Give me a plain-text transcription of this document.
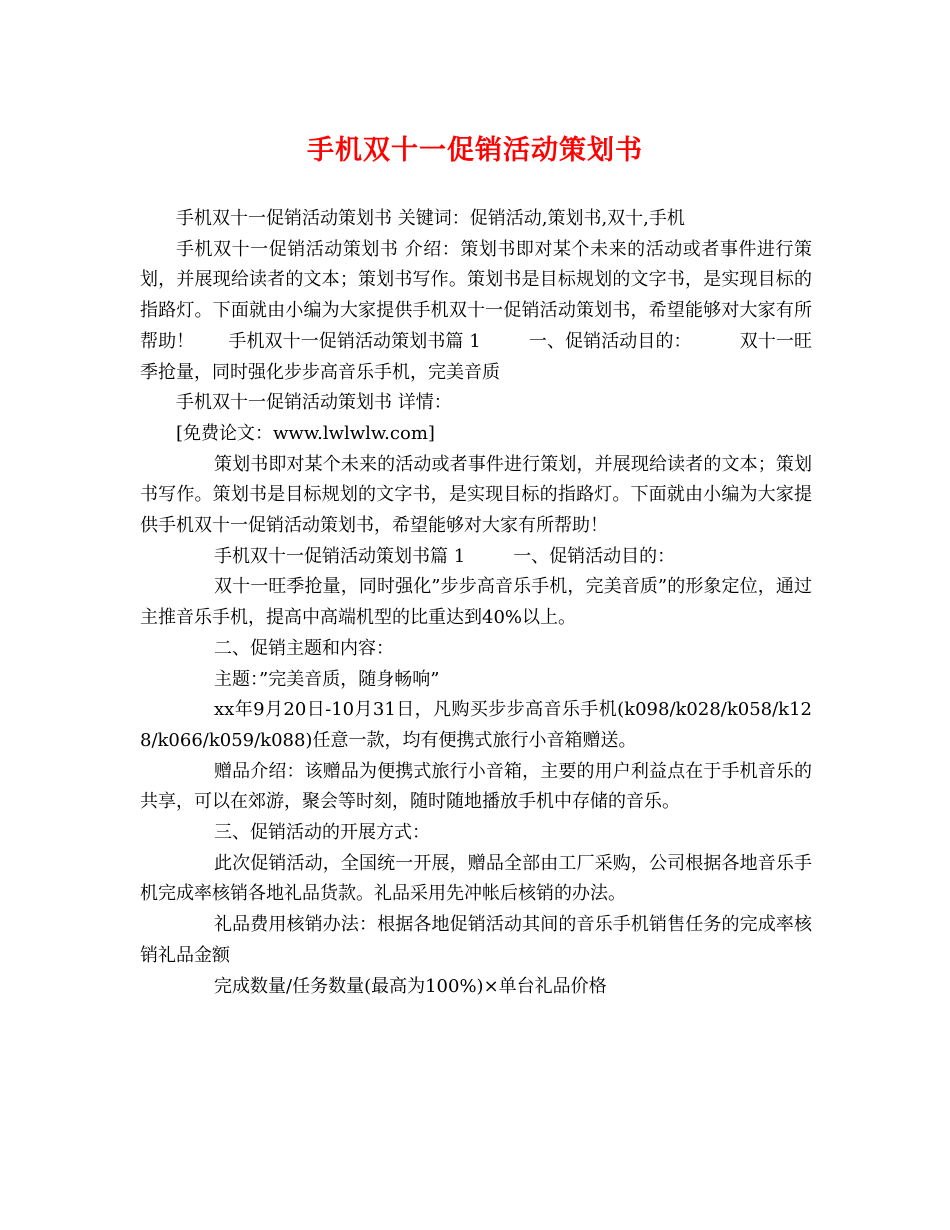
手机双十一促销活动策划书

手机双十一促销活动策划书 关键词：促销活动,策划书,双十,手机

手机双十一促销活动策划书 介绍：策划书即对某个未来的活动或者事件进行策划，并展现给读者的文本；策划书写作。策划书是目标规划的文字书，是实现目标的指路灯。下面就由小编为大家提供手机双十一促销活动策划书，希望能够对大家有所帮助！ 手机双十一促销活动策划书篇 1	一、促销活动目的：	双十一旺季抢量，同时强化步步高音乐手机，完美音质

手机双十一促销活动策划书 详情：

[免费论文：www.lwlwlw.com]

策划书即对某个未来的活动或者事件进行策划，并展现给读者的文本；策划书写作。策划书是目标规划的文字书，是实现目标的指路灯。下面就由小编为大家提供手机双十一促销活动策划书，希望能够对大家有所帮助！

手机双十一促销活动策划书篇 1	一、促销活动目的：

双十一旺季抢量，同时强化”步步高音乐手机，完美音质”的形象定位，通过主推音乐手机，提高中高端机型的比重达到40%以上。

二、促销主题和内容：

主题：”完美音质，随身畅响”

xx年9月20日-10月31日，凡购买步步高音乐手机(k098/k028/k058/k128/k066/k059/k088)任意一款，均有便携式旅行小音箱赠送。

赠品介绍：该赠品为便携式旅行小音箱，主要的用户利益点在于手机音乐的共享，可以在郊游，聚会等时刻，随时随地播放手机中存储的音乐。

三、促销活动的开展方式：

此次促销活动，全国统一开展，赠品全部由工厂采购，公司根据各地音乐手机完成率核销各地礼品货款。礼品采用先冲帐后核销的办法。

礼品费用核销办法：根据各地促销活动其间的音乐手机销售任务的完成率核销礼品金额

完成数量/任务数量(最高为100%)×单台礼品价格
